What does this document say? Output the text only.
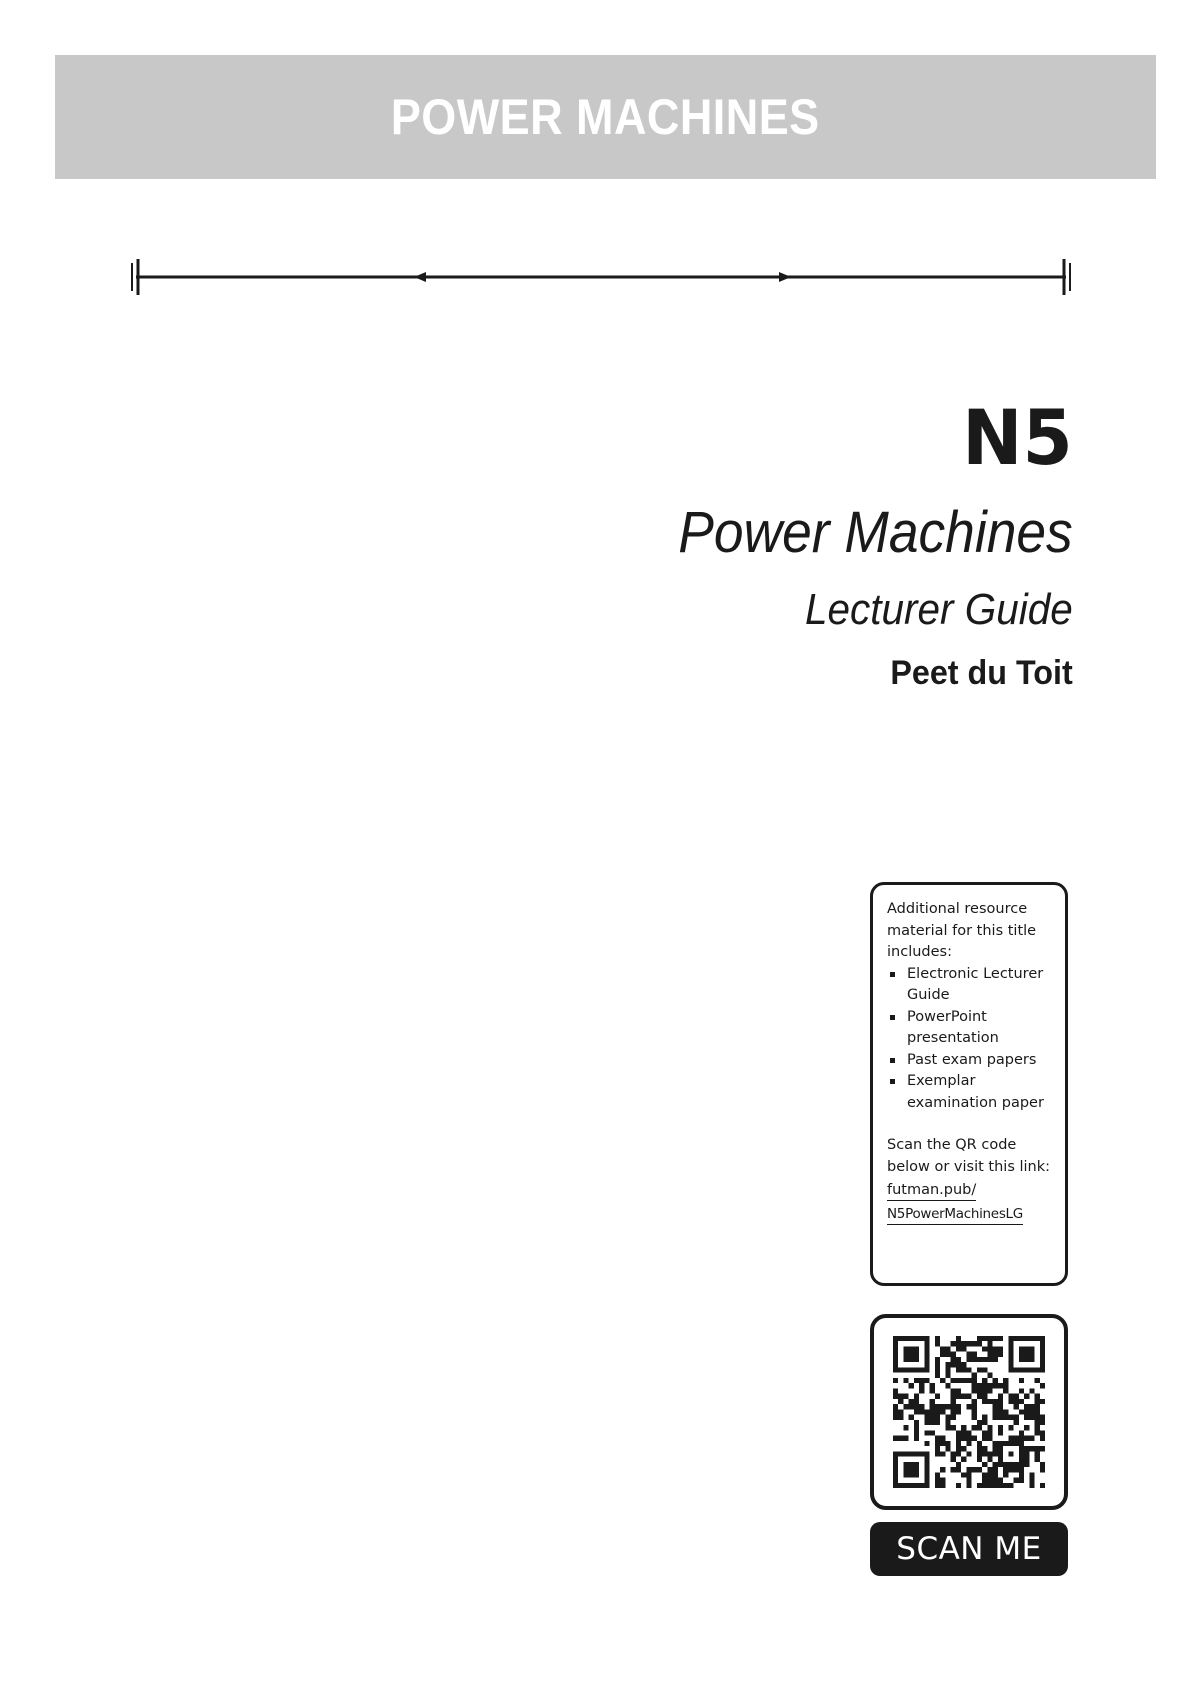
POWER MACHINES
N5
Power Machines
Lecturer Guide
Peet du Toit

Additional resource material for this title includes:

Electronic Lecturer Guide
PowerPoint presentation
Past exam papers
Exemplar examination paper

Scan the QR code below or visit this link:

futman.pub/
N5PowerMachinesLG
SCAN ME
